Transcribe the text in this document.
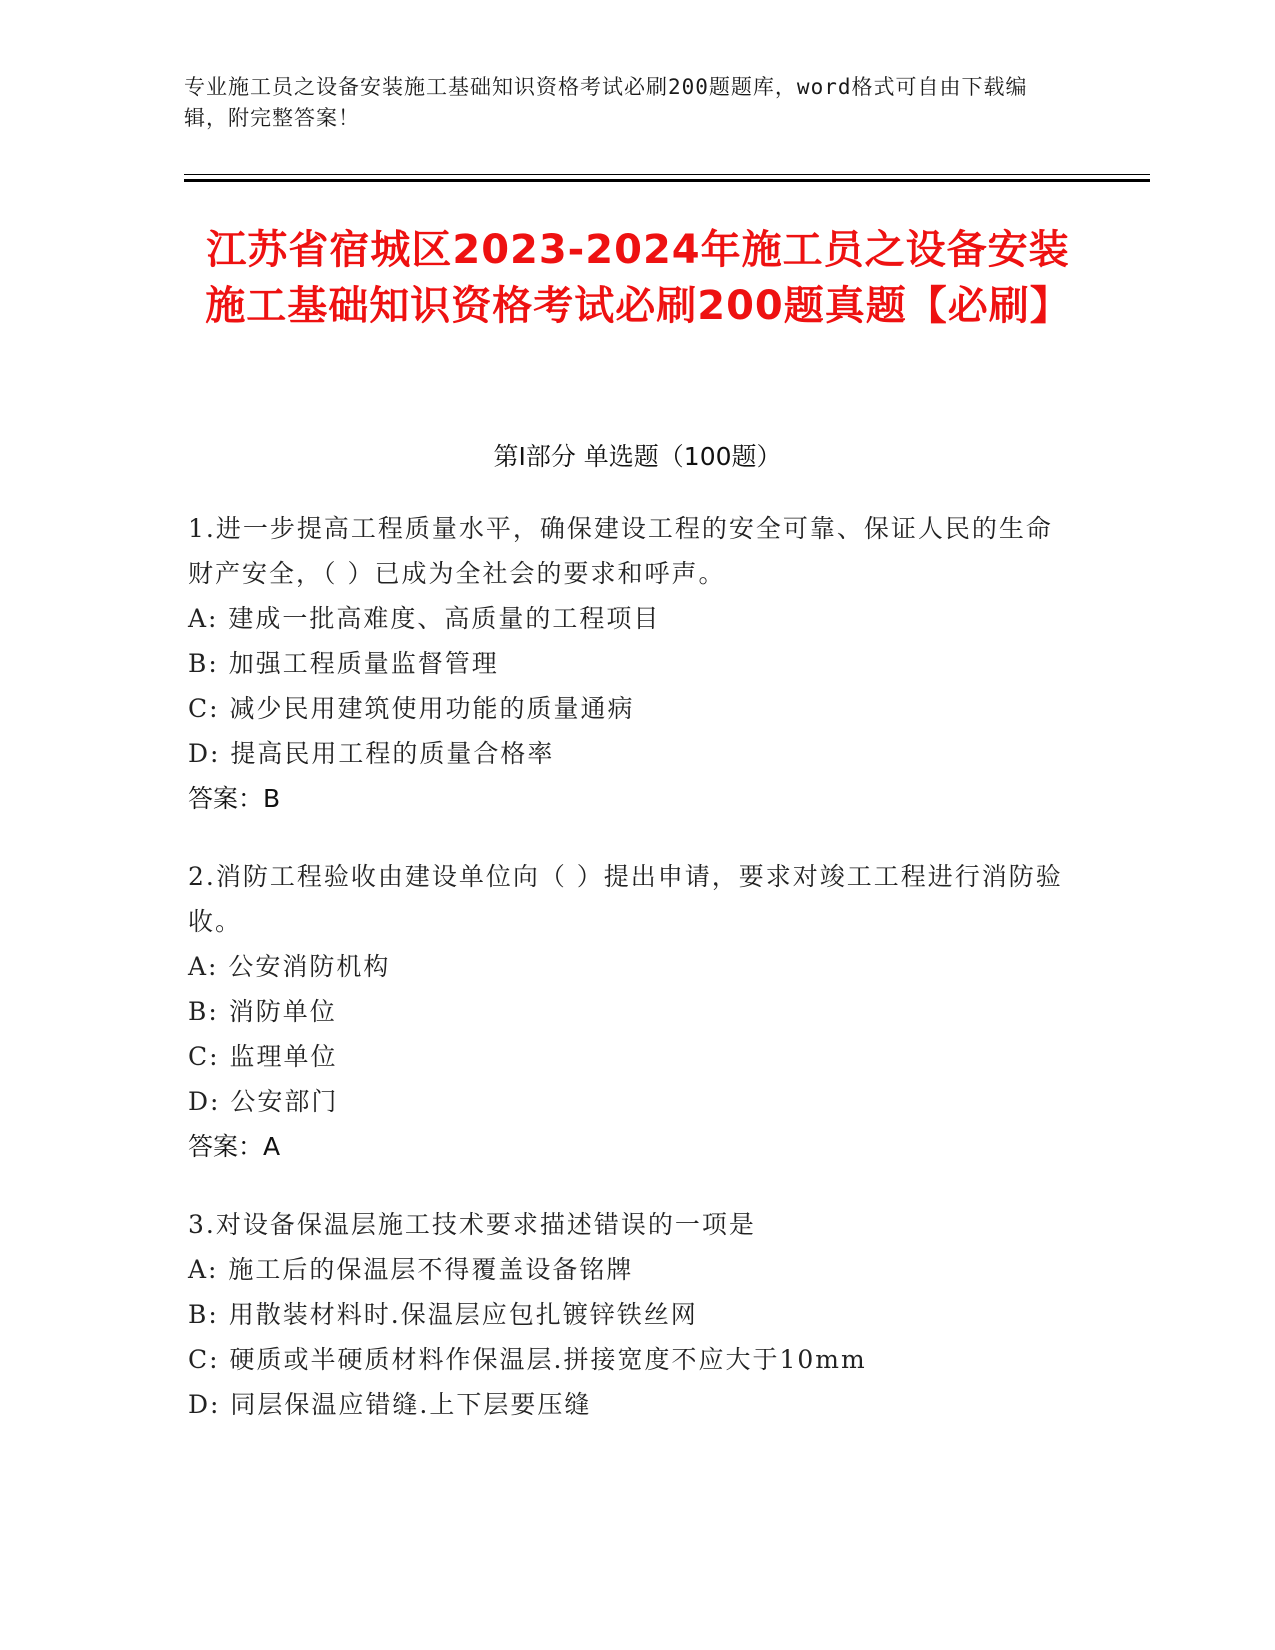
专业施工员之设备安装施工基础知识资格考试必刷200题题库，word格式可自由下载编辑，附完整答案！
江苏省宿城区2023-2024年施工员之设备安装施工基础知识资格考试必刷200题真题【必刷】
第I部分 单选题（100题）
1.进一步提高工程质量水平，确保建设工程的安全可靠、保证人民的生命财产安全，（ ）已成为全社会的要求和呼声。
A: 建成一批高难度、高质量的工程项目
B: 加强工程质量监督管理
C: 减少民用建筑使用功能的质量通病
D: 提高民用工程的质量合格率
答案：B
2.消防工程验收由建设单位向（ ）提出申请，要求对竣工工程进行消防验收。
A: 公安消防机构
B: 消防单位
C: 监理单位
D: 公安部门
答案：A
3.对设备保温层施工技术要求描述错误的一项是
A: 施工后的保温层不得覆盖设备铭牌
B: 用散装材料时.保温层应包扎镀锌铁丝网
C: 硬质或半硬质材料作保温层.拼接宽度不应大于10mm
D: 同层保温应错缝.上下层要压缝
